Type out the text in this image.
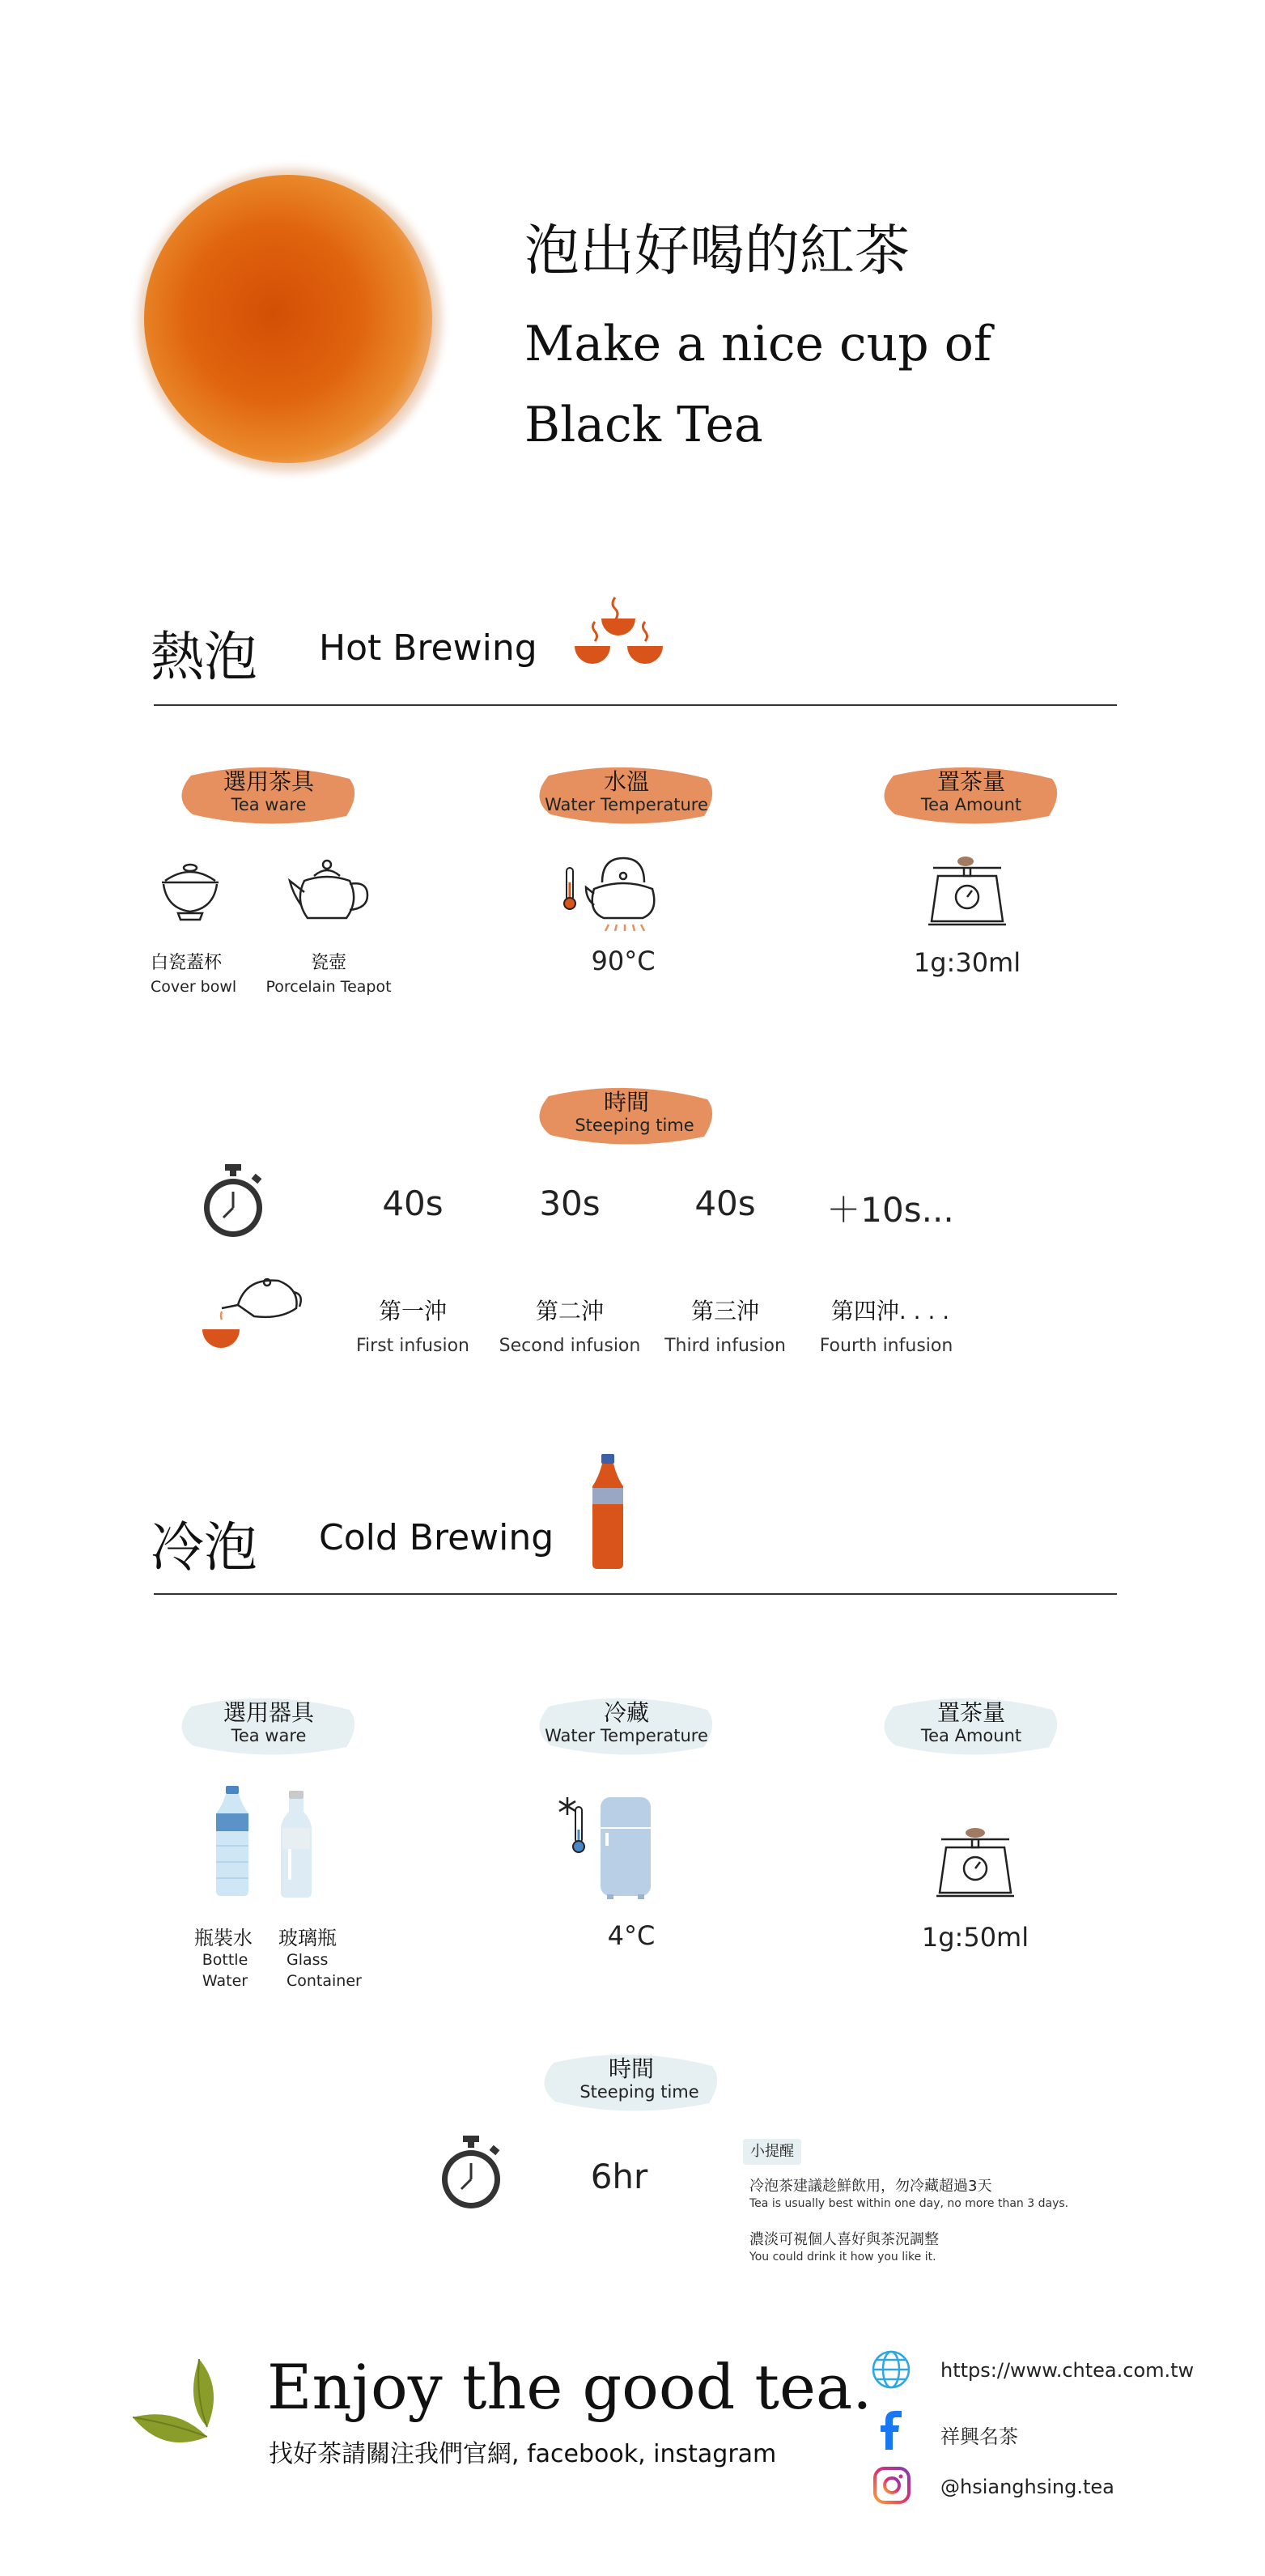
泡出好喝的紅茶
Make a nice cup of
Black Tea
熱泡 Hot Brewing
選用茶具
Tea ware
水溫
Water Temperature
置茶量
Tea Amount
白瓷蓋杯
Cover bowl
瓷壺
Porcelain Teapot
90°C	1g:30ml
時間
Steeping time
40s	30s	40s	＋10s...
第一沖
First infusion
第二沖
Second infusion
第三沖
Third infusion
第四沖. . . .
Fourth infusion
冷泡 Cold Brewing
選用器具
Tea ware
冷藏
Water Temperature
置茶量
Tea Amount
瓶裝水
Bottle
Water
玻璃瓶
Glass
Container
4°C	1g:50ml
時間
Steeping time
6hr
小提醒
冷泡茶建議趁鮮飲用，勿冷藏超過3天
Tea is usually best within one day, no more than 3 days.
濃淡可視個人喜好與茶況調整
You could drink it how you like it.
Enjoy the good tea.
找好茶請關注我們官網, facebook, instagram
https://www.chtea.com.tw
祥興名茶
@hsianghsing.tea
